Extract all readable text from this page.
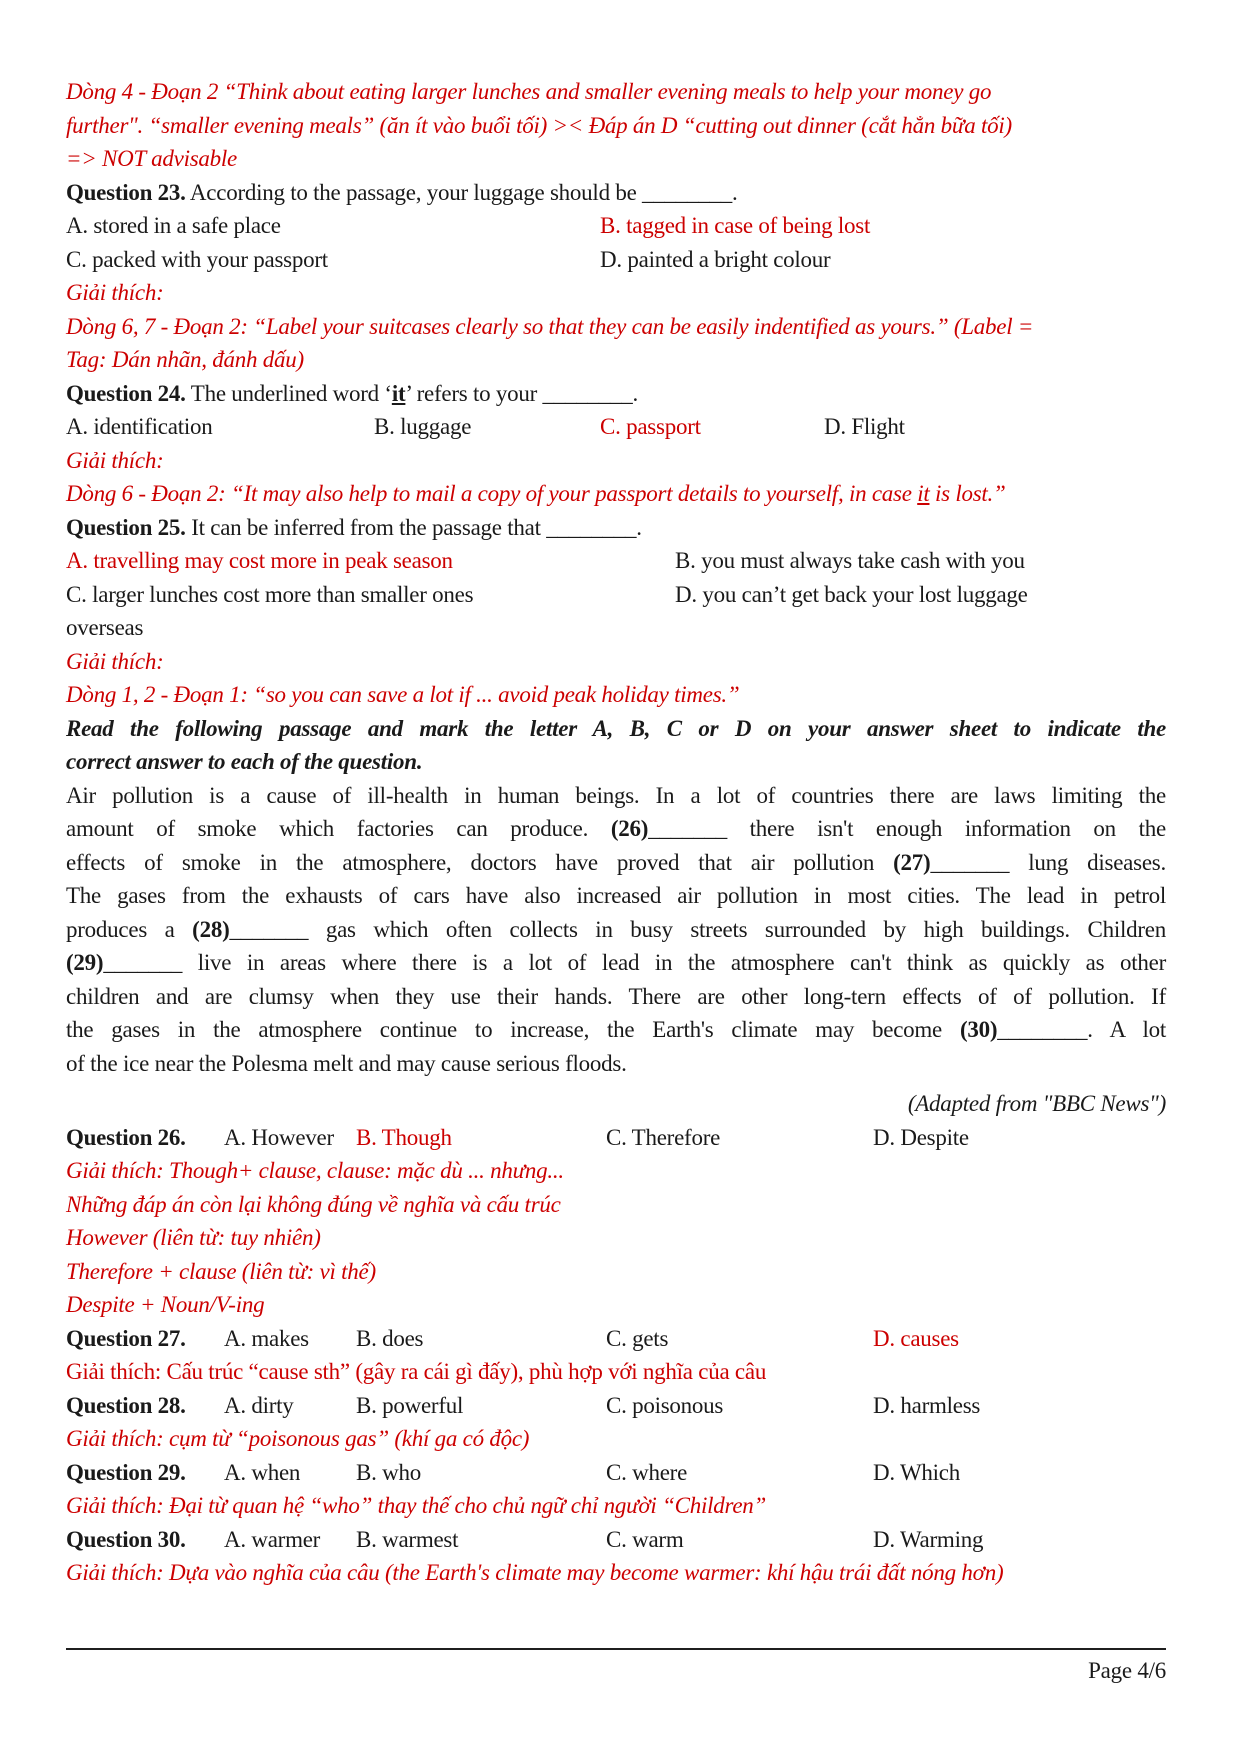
Dòng 4 - Đoạn 2 “Think about eating larger lunches and smaller evening meals to help your money go
further". “smaller evening meals” (ăn ít vào buổi tối) >< Đáp án D “cutting out dinner (cắt hẳn bữa tối)
=> NOT advisable
Question 23. According to the passage, your luggage should be ________.
A. stored in a safe place	B. tagged in case of being lost
C. packed with your passport	D. painted a bright colour
Giải thích:
Dòng 6, 7 - Đoạn 2: “Label your suitcases clearly so that they can be easily indentified as yours.” (Label =
Tag: Dán nhãn, đánh dấu)
Question 24. The underlined word ‘it’ refers to your ________.
A. identification	B. luggage	C. passport	D. Flight
Giải thích:
Dòng 6 - Đoạn 2: “It may also help to mail a copy of your passport details to yourself, in case it is lost.”
Question 25. It can be inferred from the passage that ________.
A. travelling may cost more in peak season	B. you must always take cash with you
C. larger lunches cost more than smaller ones	D. you can’t get back your lost luggage
overseas
Giải thích:
Dòng 1, 2 - Đoạn 1: “so you can save a lot if ... avoid peak holiday times.”
Read the following passage and mark the letter A, B, C or D on your answer sheet to indicate the
correct answer to each of the question.
Air pollution is a cause of ill-health in human beings. In a lot of countries there are laws limiting the
amount of smoke which factories can produce. (26)_______ there isn't enough information on the
effects of smoke in the atmosphere, doctors have proved that air pollution (27)_______ lung diseases.
The gases from the exhausts of cars have also increased air pollution in most cities. The lead in petrol
produces a (28)_______ gas which often collects in busy streets surrounded by high buildings. Children
(29)_______ live in areas where there is a lot of lead in the atmosphere can't think as quickly as other
children and are clumsy when they use their hands. There are other long-tern effects of of pollution. If
the gases in the atmosphere continue to increase, the Earth's climate may become (30)________. A lot
of the ice near the Polesma melt and may cause serious floods.
(Adapted from "BBC News")
Question 26.	A. However B. Though	C. Therefore	D. Despite
Giải thích: Though+ clause, clause: mặc dù ... nhưng...
Những đáp án còn lại không đúng về nghĩa và cấu trúc
However (liên từ: tuy nhiên)
Therefore + clause (liên từ: vì thế)
Despite + Noun/V-ing
Question 27.	A. makes	B. does	C. gets	D. causes
Giải thích: Cấu trúc “cause sth” (gây ra cái gì đấy), phù hợp với nghĩa của câu
Question 28.	A. dirty	B. powerful	C. poisonous	D. harmless
Giải thích: cụm từ “poisonous gas” (khí ga có độc)
Question 29.	A. when	B. who	C. where	D. Which
Giải thích: Đại từ quan hệ “who” thay thế cho chủ ngữ chỉ người “Children”
Question 30.	A. warmer	B. warmest	C. warm	D. Warming
Giải thích: Dựa vào nghĩa của câu (the Earth's climate may become warmer: khí hậu trái đất nóng hơn)
Page 4/6
